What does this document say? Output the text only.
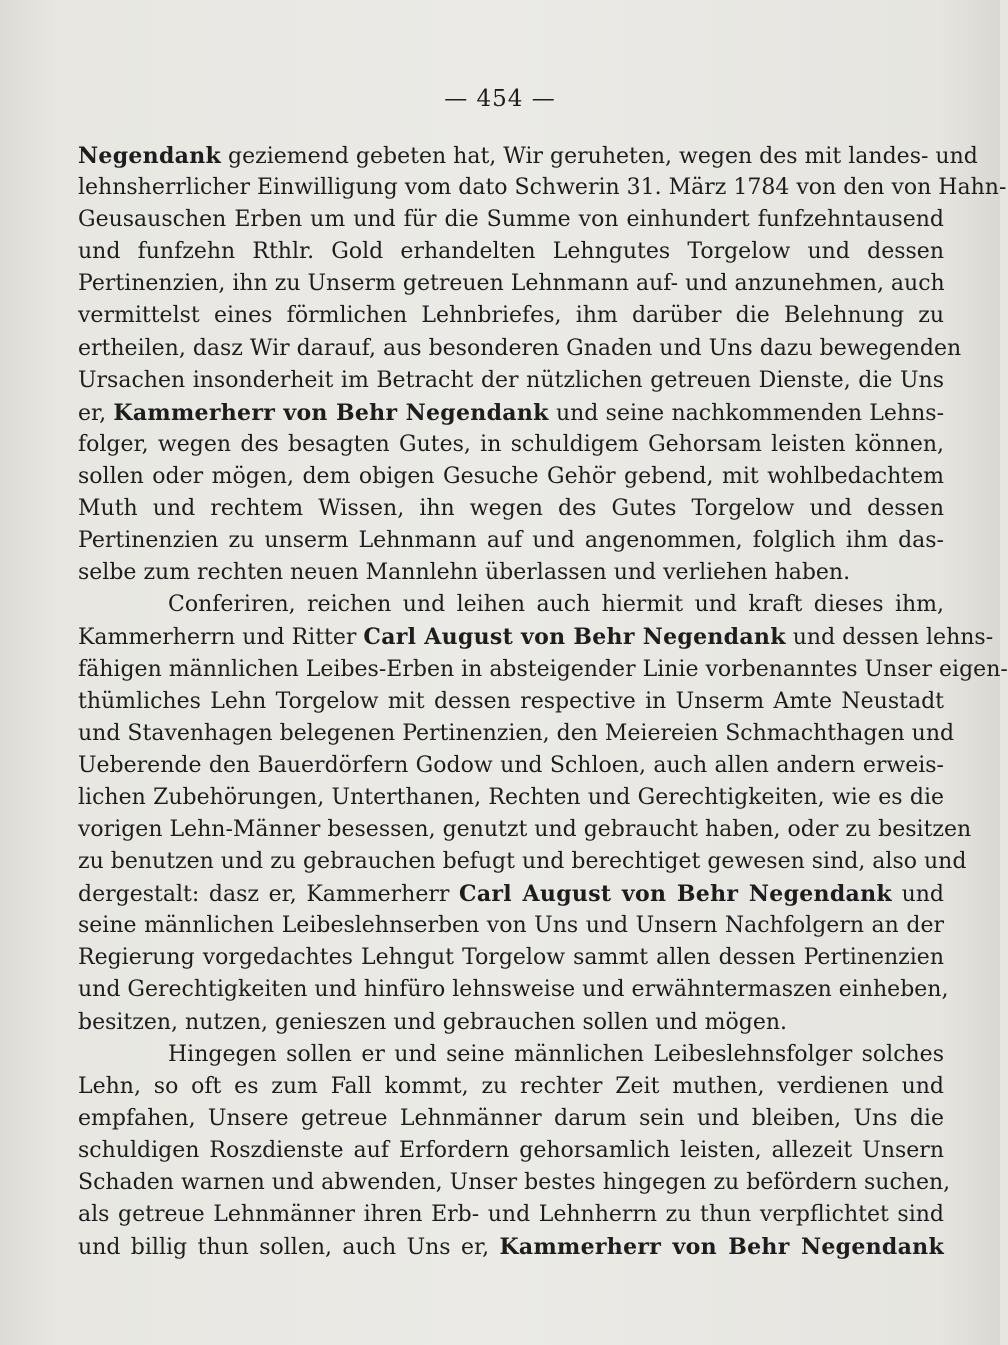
— 454 —
Negendank geziemend gebeten hat, Wir geruheten, wegen des mit landes- und
lehnsherrlicher Einwilligung vom dato Schwerin 31. März 1784 von den von Hahn-
Geusauschen Erben um und für die Summe von einhundert funfzehntausend
und funfzehn Rthlr. Gold erhandelten Lehngutes Torgelow und dessen
Pertinenzien, ihn zu Unserm getreuen Lehnmann auf- und anzunehmen, auch
vermittelst eines förmlichen Lehnbriefes, ihm darüber die Belehnung zu
ertheilen, dasz Wir darauf, aus besonderen Gnaden und Uns dazu bewegenden
Ursachen insonderheit im Betracht der nützlichen getreuen Dienste, die Uns
er, Kammerherr von Behr Negendank und seine nachkommenden Lehns-
folger, wegen des besagten Gutes, in schuldigem Gehorsam leisten können,
sollen oder mögen, dem obigen Gesuche Gehör gebend, mit wohlbedachtem
Muth und rechtem Wissen, ihn wegen des Gutes Torgelow und dessen
Pertinenzien zu unserm Lehnmann auf und angenommen, folglich ihm das-
selbe zum rechten neuen Mannlehn überlassen und verliehen haben.
Conferiren, reichen und leihen auch hiermit und kraft dieses ihm,
Kammerherrn und Ritter Carl August von Behr Negendank und dessen lehns-
fähigen männlichen Leibes-Erben in absteigender Linie vorbenanntes Unser eigen-
thümliches Lehn Torgelow mit dessen respective in Unserm Amte Neustadt
und Stavenhagen belegenen Pertinenzien, den Meiereien Schmachthagen und
Ueberende den Bauerdörfern Godow und Schloen, auch allen andern erweis-
lichen Zubehörungen, Unterthanen, Rechten und Gerechtigkeiten, wie es die
vorigen Lehn-Männer besessen, genutzt und gebraucht haben, oder zu besitzen
zu benutzen und zu gebrauchen befugt und berechtiget gewesen sind, also und
dergestalt: dasz er, Kammerherr Carl August von Behr Negendank und
seine männlichen Leibeslehnserben von Uns und Unsern Nachfolgern an der
Regierung vorgedachtes Lehngut Torgelow sammt allen dessen Pertinenzien
und Gerechtigkeiten und hinfüro lehnsweise und erwähntermaszen einheben,
besitzen, nutzen, genieszen und gebrauchen sollen und mögen.
Hingegen sollen er und seine männlichen Leibeslehnsfolger solches
Lehn, so oft es zum Fall kommt, zu rechter Zeit muthen, verdienen und
empfahen, Unsere getreue Lehnmänner darum sein und bleiben, Uns die
schuldigen Roszdienste auf Erfordern gehorsamlich leisten, allezeit Unsern
Schaden warnen und abwenden, Unser bestes hingegen zu befördern suchen,
als getreue Lehnmänner ihren Erb- und Lehnherrn zu thun verpflichtet sind
und billig thun sollen, auch Uns er, Kammerherr von Behr Negendank
